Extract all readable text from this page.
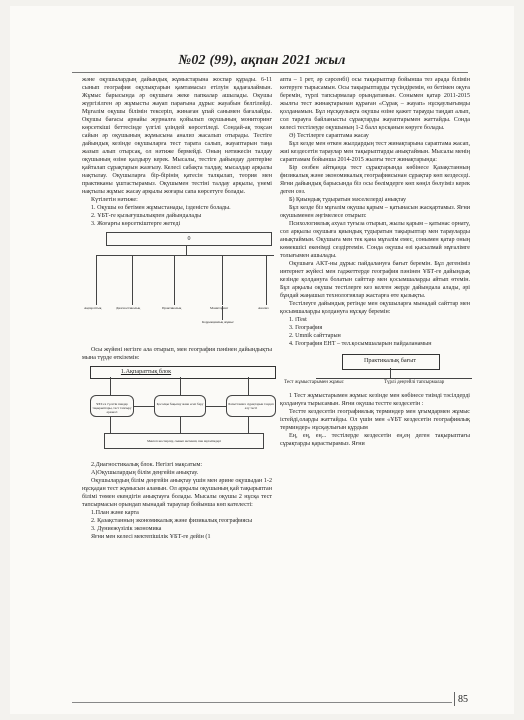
№02 (99), ақпан 2021 жыл

және оқушылардың дайындық жұмыстарына жоспар құрады. 6-11 сынып география оқулықтарын қамтамасыз етілуін қадағалаймын. Жұмыс барысында әр оқушыға жеке папкалар ашылады. Оқушы жүргізілген әр жұмысты жауап парағына дұрыс жауабын белгілейді. Мұғалім оқушы білімін тексеріп, жинаған ұпай санымен бағалайды. Оқушы бағасы арнайы журналға қойылып оқушының мониторинг көрсеткіші беттесінде үлгілі ұзіндей көрсетіледі. Сондай-ақ тоқсан сайын әр оқушының жұмысына анализ жасалып отырады. Тестіге дайындық кезінде оқушыларға тест тарата салып, жауаптарын таңа жазып алып отырсақ, ол нәтиже бермейді. Оның нәтижесін талдау оқушының өзіне қалдыру керек. Мысалы, тестіге дайындау дәптеріне қайталап сұрақтарын жазғызу. Келесі сабақта талдау, мысалдар арқылы нақтылау. Оқушыларға бір-бірінің қатесін талқылап, теория мен практиканы ұштастырамыз. Оқушымен тестіні талдау арқылы, үнемі нақтылы жұмыс жасау арқылы жоғары сапа көрсетуге болады.

Күтілетін нәтиже:

1. Оқушы өз бетімен жұмыстанады, ізденісте болады.

2. ҰБТ-ге қызығушылықпен дайындалады

3. Жоғарғы көрсеткіштерге жетеді

0
Ақпараттық	Диагностикалық	Практикалық	Мониторинг	Анализ
Коррекциялық жұмыс

Осы жүйені негізге ала отырып, мен география пәнінен дайындықты мына түрде өткіземін:

1.Ақпараттық блок
ҰБТ-ға түсетін пәндер тақырыптары, тест тапсыру ережесі
Қосалқы бақылау және есеп беру	Бағыттамаға сұрақтарын таңдап алу тесті
Мектеп жоспарлау, сынып жетекші, пән мұғалімдері

2.Диагностикалық блок. Негізгі мақсатым:

А)Оқушылардың білім деңгейін анықтау.

Оқушылардың білім деңгейін анықтау үшін мен әрине оқушыдан 1-2 нұсқадан тест жұмысын аламын. Ол арқылы оқушының қай тақырыптан білімі төмен екендігін анықтауға болады. Мысалы оқушы 2 нұсқа тест тапсырмасын орындап мынадай тараулар бойынша көп кателесті:

1.План және карта

2. Қазақстанның экономикалық және физикалық географиясы

3. Дүниежүзілік экономика

Яғни мен келесі мектепішілік ҰБТ-ге дейін (1

апта – 1 рет, әр сәрсенбі) осы тақырыптар бойынша тез арада білімін көтеруге тырысамын. Осы тақырыптарды түсіндіремін, өз бетімен оқуға беремін, түрлі тапсырмалар орындатамын. Сонымен қатар 2011-2015 жылғы тест жинақтарынан құраған «Сұрақ – жауап» нұсқаулығымды қолданамын. Бұл нұсқаулықта оқушы өзіне қажет тарауды таңдап алып, сол тарауға байланысты сұрақтарды жауаптарымен жаттайды. Сонда келесі тестілеуде оқушының 1-2 балл қосқанын көруге болады.

Ә) Тестілерге сараптама жасау

Бұл кезде мен өткен жылдардың тест жинақтарына сараптама жасап, жиі кездесетін тараулар мен тақырыптарды анықтаймын. Мысалы менің сараптамам бойынша 2014-2015 жылғы тест жинақтарында:

Бір сөзбен айтқанда тест сұрақтарында көбінесе Қазақстанның физикалық және экономикалық географиясынан сұрақтар көп кездеседі. Яғни дайындық барысында біз осы бөлімдерге көп көңіл бөлуіміз керек деген сөз.

Б) Қиындық тудыратын мәселелерді анықтау

Бұл кезде біз мұғалім оқушы қарым – қатынасын жасқартамыз. Яғни оқушыменен әңгімелесе отырып:

Психологиялық ахуал туғыза отырып, жылы қарым – қатынас орнату, сол арқылы оқушыға қиындық тудыратын тақырыптар мен тарауларды анықтаймын. Оқушыға мен тек қана мұғалім емес, сонымен қатар оның көмекшісі екенімді сездіртемін. Сонда оқушы өзі қысылмай мұғалімге толығымен ашылады.

Оқушыға АКТ-ны дұрыс пайдалануға бағыт беремін. Бұл дегеніміз интернет жүйесі мен гаджеттерде география пәнінен ҰБТ-ге дайындық кезінде қолдануға болатын сайттар мен қосымшаларды айтып өтемін. Бұл арқылы оқушы тестілерге кез келген жерде дайындала алады, әрі бұндай жаңашыл технологиялар жастарға өте қызықты.

Тестілеуге дайындық ретінде мен оқушыларға мынадай сайттар мен қосымшаларды қолдануға нұсқау беремін:

1. iTest

3. География

2. Umnik сайттарын

4. География ЕНТ – тел.қосымшаларын пайдаланамын

Практикалық бағыт
Тест жұмыстарымен жұмыс	Түрлі деңгейлі тапсырмалар

1 Тест жұмыстарымен жұмыс кезінде мен көбінесе тиімді тәсілдерді қолдануға тырысамын. Яғни оқушы тестте кездесетін :

Тестте кездесетін географиялық терминдер мен ұғымдармен жұмыс істейді,оларды жаттайды. Ол үшін мен «ҰБТ кездесетін географиялық терминдер» нұсқаулығын құрдым

Ең, ең, ең... тестілерде кездесетін ең,ең деген тақырыптағы сұрақтарды қарастырамыз. Яғни

85
